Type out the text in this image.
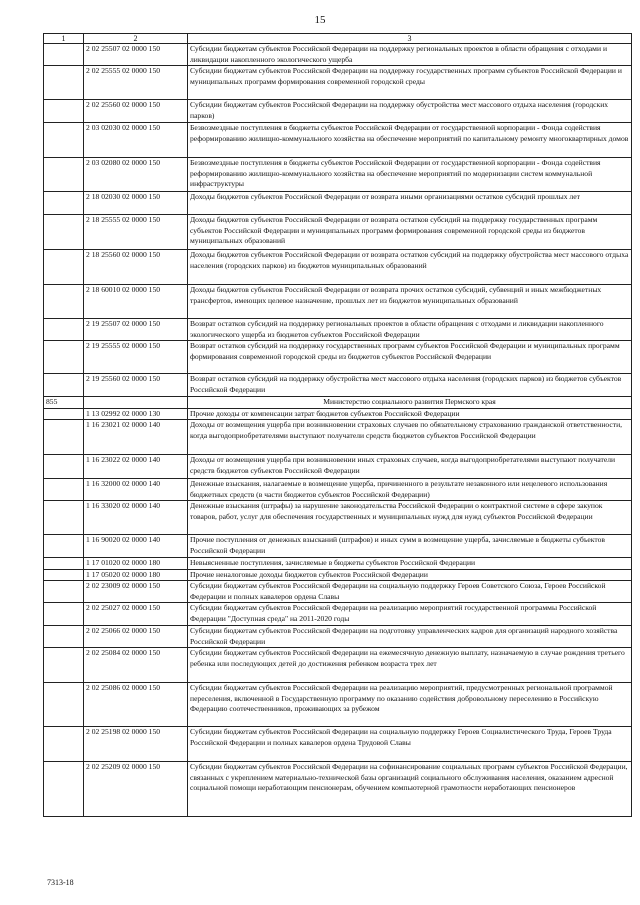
15
1	2	3
	2 02 25507 02 0000 150	Субсидии бюджетам субъектов Российской Федерации на поддержку региональных проектов в области обращения с отходами и ликвидации накопленного экологического ущерба
	2 02 25555 02 0000 150	Субсидии бюджетам субъектов Российской Федерации на поддержку государственных программ субъектов Российской Федерации и муниципальных программ формирования современной городской среды
	2 02 25560 02 0000 150	Субсидии бюджетам субъектов Российской Федерации на поддержку обустройства мест массового отдыха населения (городских парков)
	2 03 02030 02 0000 150	Безвозмездные поступления в бюджеты субъектов Российской Федерации от государственной корпорации - Фонда содействия реформированию жилищно-коммунального хозяйства на обеспечение мероприятий по капитальному ремонту многоквартирных домов
	2 03 02080 02 0000 150	Безвозмездные поступления в бюджеты субъектов Российской Федерации от государственной корпорации - Фонда содействия реформированию жилищно-коммунального хозяйства на обеспечение мероприятий по модернизации систем коммунальной инфраструктуры
	2 18 02030 02 0000 150	Доходы бюджетов субъектов Российской Федерации от возврата иными организациями остатков субсидий прошлых лет
	2 18 25555 02 0000 150	Доходы бюджетов субъектов Российской Федерации от возврата остатков субсидий на поддержку государственных программ субъектов Российской Федерации и муниципальных программ формирования современной городской среды из бюджетов муниципальных образований
	2 18 25560 02 0000 150	Доходы бюджетов субъектов Российской Федерации от возврата остатков субсидий на поддержку обустройства мест массового отдыха населения (городских парков) из бюджетов муниципальных образований
	2 18 60010 02 0000 150	Доходы бюджетов субъектов Российской Федерации от возврата прочих остатков субсидий, субвенций и иных межбюджетных трансфертов, имеющих целевое назначение, прошлых лет из бюджетов муниципальных образований
	2 19 25507 02 0000 150	Возврат остатков субсидий на поддержку региональных проектов в области обращения с отходами и ликвидации накопленного экологического ущерба из бюджетов субъектов Российской Федерации
	2 19 25555 02 0000 150	Возврат остатков субсидий на поддержку государственных программ субъектов Российской Федерации и муниципальных программ формирования современной городской среды из бюджетов субъектов Российской Федерации
	2 19 25560 02 0000 150	Возврат остатков субсидий на поддержку обустройства мест массового отдыха населения (городских парков) из бюджетов субъектов Российской Федерации
855		Министерство социального развития Пермского края
	1 13 02992 02 0000 130	Прочие доходы от компенсации затрат бюджетов субъектов Российской Федерации
	1 16 23021 02 0000 140	Доходы от возмещения ущерба при возникновении страховых случаев по обязательному страхованию гражданской ответственности, когда выгодоприобретателями выступают получатели средств бюджетов субъектов Российской Федерации
	1 16 23022 02 0000 140	Доходы от возмещения ущерба при возникновении иных страховых случаев, когда выгодоприобретателями выступают получатели средств бюджетов субъектов Российской Федерации
	1 16 32000 02 0000 140	Денежные взыскания, налагаемые в возмещение ущерба, причиненного в результате незаконного или нецелевого использования бюджетных средств (в части бюджетов субъектов Российской Федерации)
	1 16 33020 02 0000 140	Денежные взыскания (штрафы) за нарушение законодательства Российской Федерации о контрактной системе в сфере закупок товаров, работ, услуг для обеспечения государственных и муниципальных нужд для нужд субъектов Российской Федерации
	1 16 90020 02 0000 140	Прочие поступления от денежных взысканий (штрафов) и иных сумм в возмещение ущерба, зачисляемые в бюджеты субъектов Российской Федерации
	1 17 01020 02 0000 180	Невыясненные поступления, зачисляемые в бюджеты субъектов Российской Федерации
	1 17 05020 02 0000 180	Прочие неналоговые доходы бюджетов субъектов Российской Федерации
	2 02 23009 02 0000 150	Субсидии бюджетам субъектов Российской Федерации на социальную поддержку Героев Советского Союза, Героев Российской Федерации и полных кавалеров ордена Славы
	2 02 25027 02 0000 150	Субсидии бюджетам субъектов Российской Федерации на реализацию мероприятий государственной программы Российской Федерации "Доступная среда" на 2011-2020 годы
	2 02 25066 02 0000 150	Субсидии бюджетам субъектов Российской Федерации на подготовку управленческих кадров для организаций народного хозяйства Российской Федерации
	2 02 25084 02 0000 150	Субсидии бюджетам субъектов Российской Федерации на ежемесячную денежную выплату, назначаемую в случае рождения третьего ребенка или последующих детей до достижения ребенком возраста трех лет
	2 02 25086 02 0000 150	Субсидии бюджетам субъектов Российской Федерации на реализацию мероприятий, предусмотренных региональной программой переселения, включенной в Государственную программу по оказанию содействия добровольному переселению в Российскую Федерацию соотечественников, проживающих за рубежом
	2 02 25198 02 0000 150	Субсидии бюджетам субъектов Российской Федерации на социальную поддержку Героев Социалистического Труда, Героев Труда Российской Федерации и полных кавалеров ордена Трудовой Славы
	2 02 25209 02 0000 150	Субсидии бюджетам субъектов Российской Федерации на софинансирование социальных программ субъектов Российской Федерации, связанных с укреплением материально-технической базы организаций социального обслуживания населения, оказанием адресной социальной помощи неработающим пенсионерам, обучением компьютерной грамотности неработающих пенсионеров
7313-18
